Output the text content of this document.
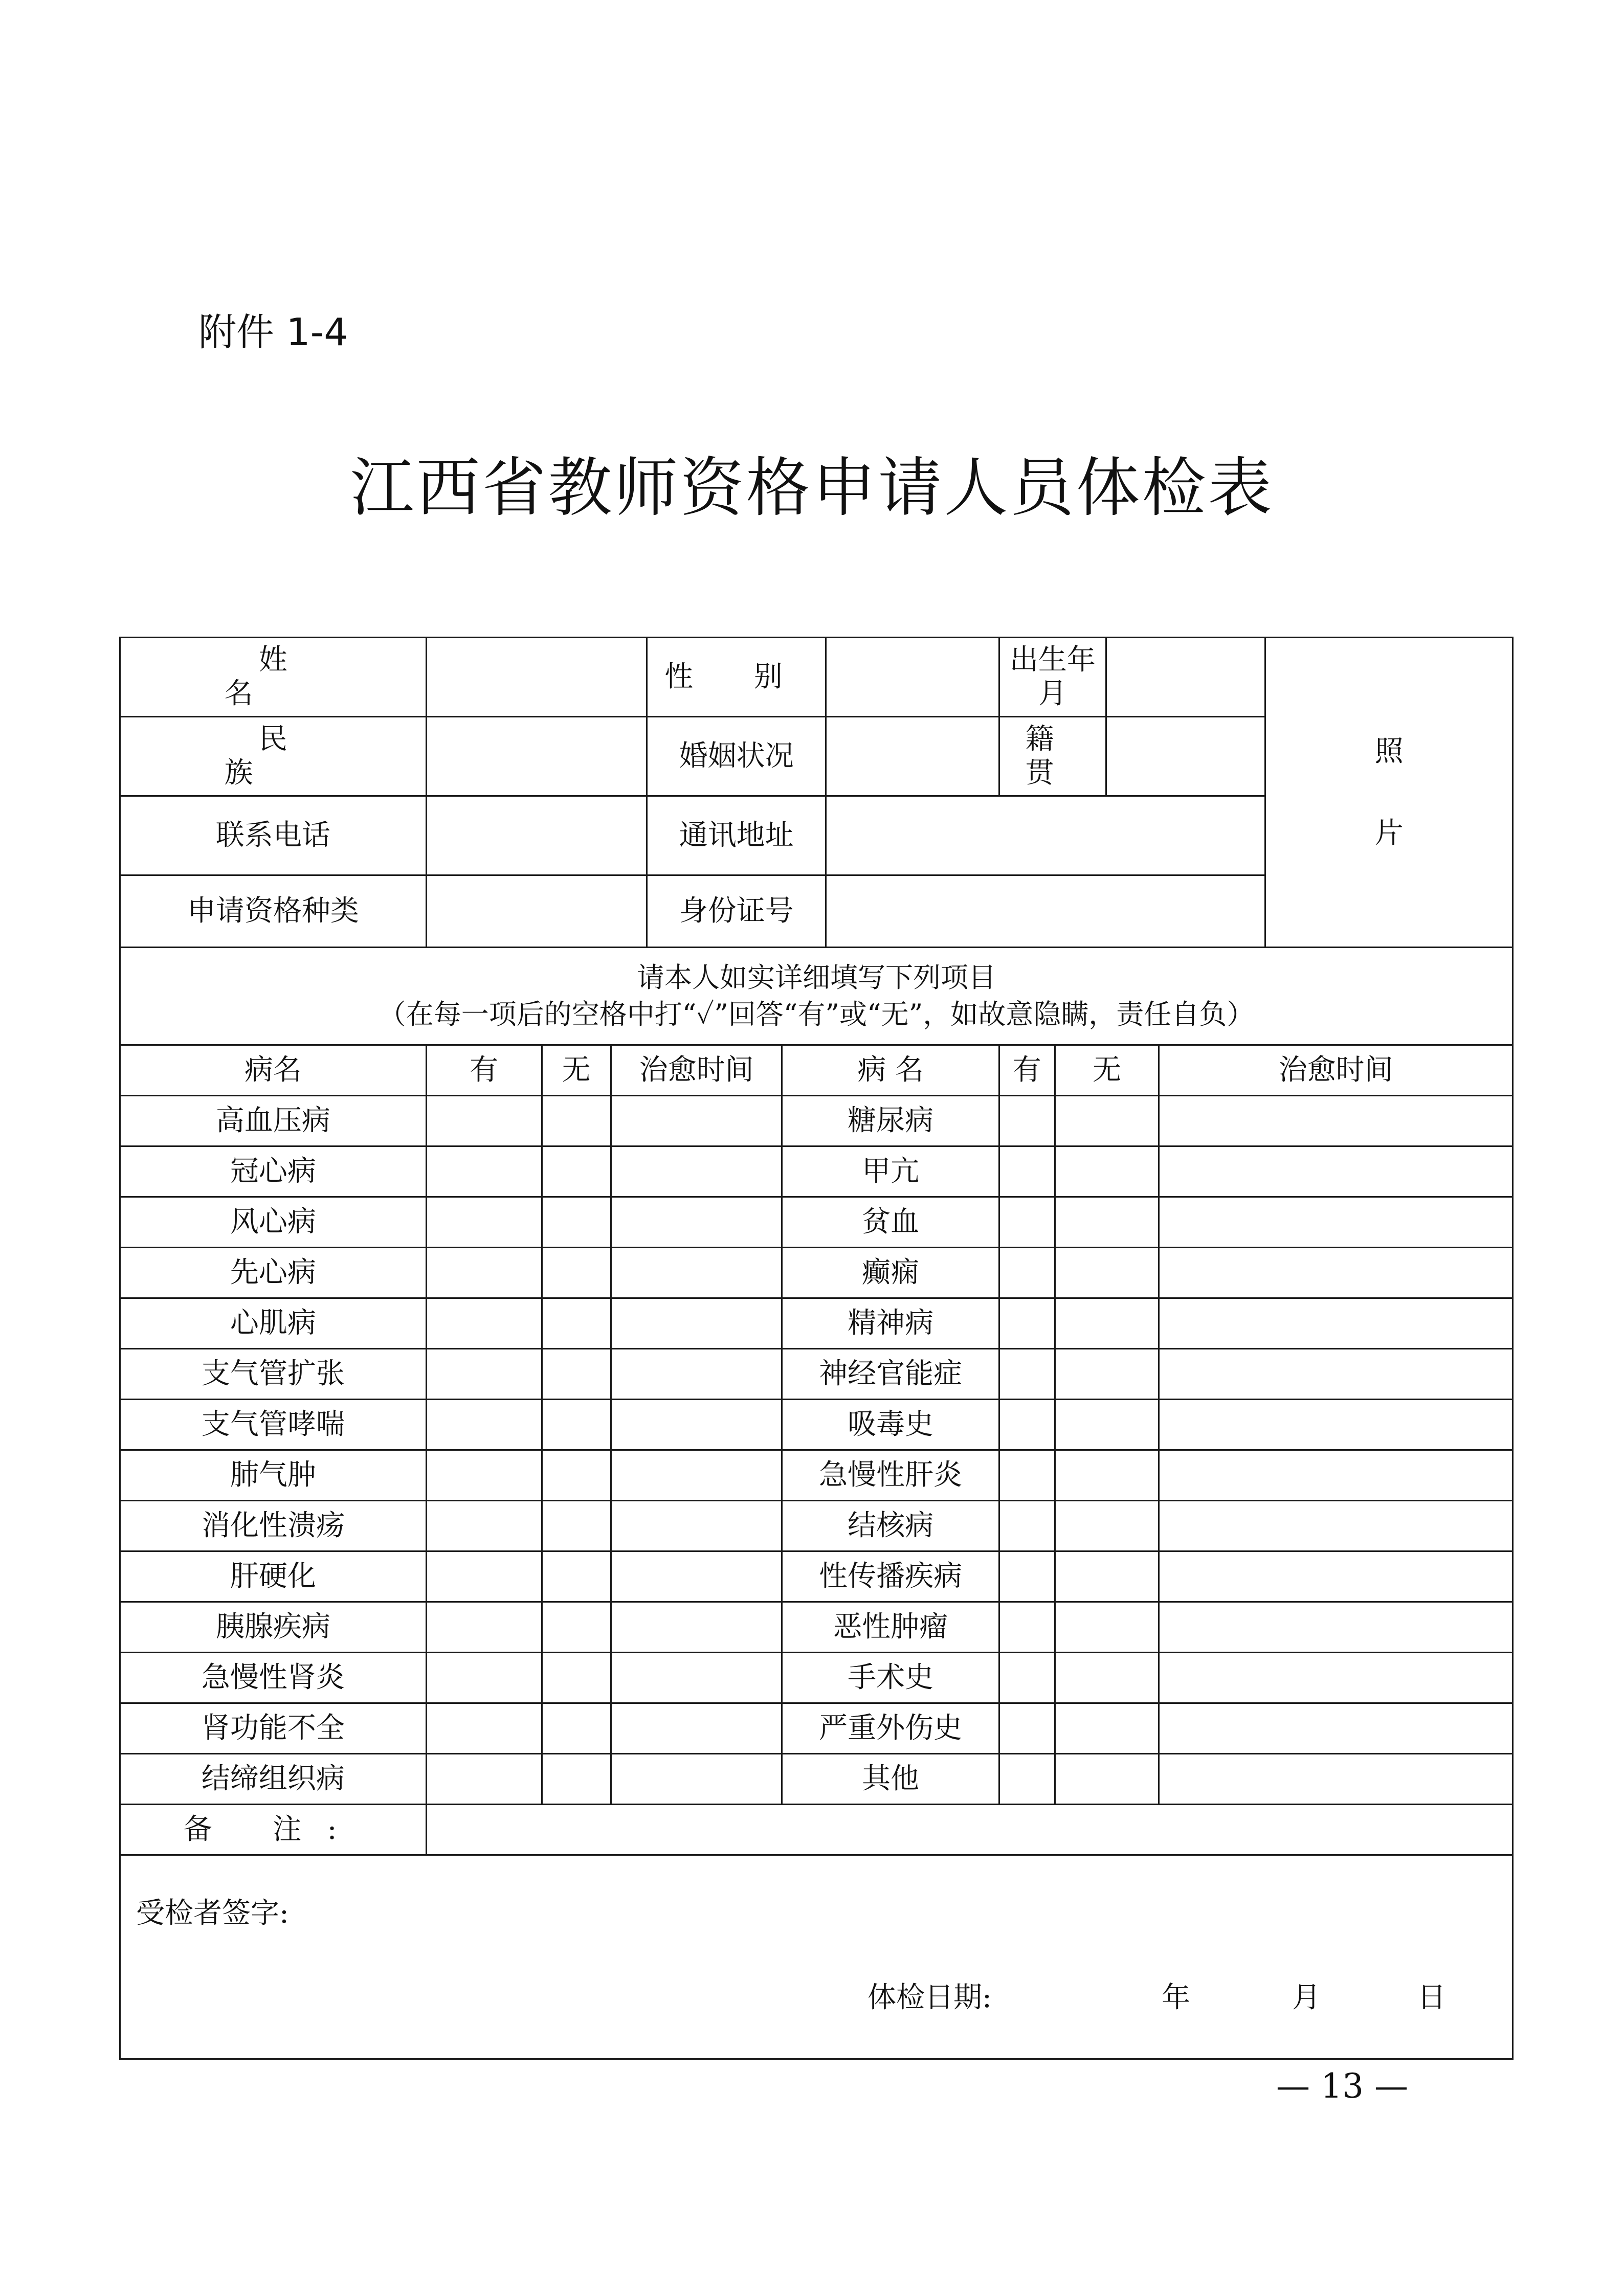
附件 1-4
江西省教师资格申请人员体检表
姓 名				性 别			出生年月				照
片

民 族				婚姻状况			籍 贯				
联系电话				通讯地址							
申请资格种类				身份证号							

请本人如实详细填写下列项目
（在每一项后的空格中打“✓”回答“有”或“无”，如故意隐瞒，责任自负）											

病名	有	无	治愈时间		病 名		有	无		治愈时间	
高血压病					糖尿病						
冠心病					甲亢						
风心病					贫血						
先心病					癫痫						
心肌病					精神病						
支气管扩张					神经官能症						
支气管哮喘					吸毒史						
肺气肿					急慢性肝炎						
消化性溃疡					结核病						
肝硬化					性传播疾病						
胰腺疾病					恶性肿瘤						
急慢性肾炎					手术史						
肾功能不全					严重外伤史						
结缔组织病					其他						
备 注:											

受检者签字:
体检日期: 年 月 日											
— 13 —
